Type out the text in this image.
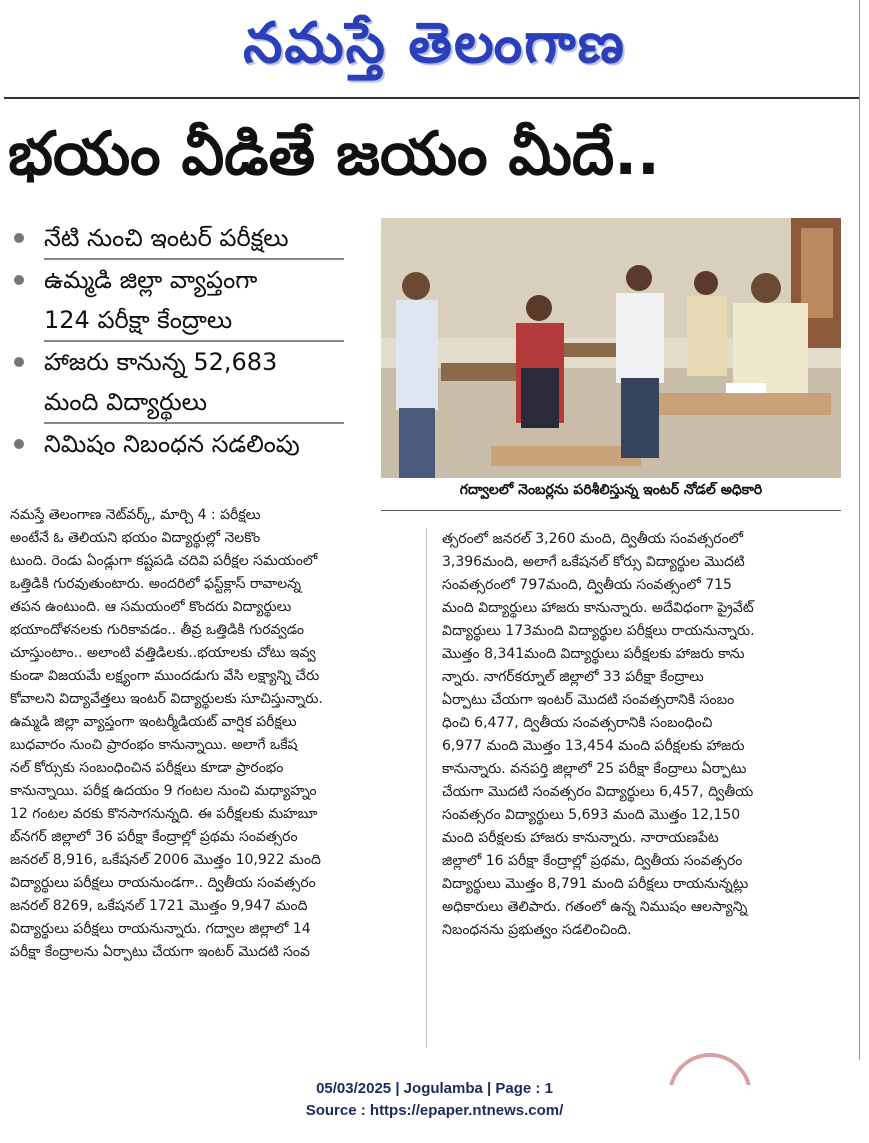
నమస్తే తెలంగాణ
భయం వీడితే జయం మీదే..
నేటి నుంచి ఇంటర్ పరీక్షలు
ఉమ్మడి జిల్లా వ్యాప్తంగా
124 పరీక్షా కేంద్రాలు
హాజరు కానున్న 52,683
మంది విద్యార్థులు
నిమిషం నిబంధన సడలింపు
గద్వాలలో నెంబర్లను పరిశీలిస్తున్న ఇంటర్ నోడల్ అధికారి
నమస్తే తెలంగాణ నెట్‌వర్క్, మార్చి 4 : పరీక్షలు
అంటేనే ఓ తెలియని భయం విద్యార్థుల్లో నెలకొం
టుంది. రెండు ఏండ్లుగా కష్టపడి చదివి పరీక్షల సమయంలో
ఒత్తిడికి గురవుతుంటారు. అందరిలో ఫస్ట్‌క్లాస్ రావాలన్న
తపన ఉంటుంది. ఆ సమయంలో కొందరు విద్యార్థులు
భయాందోళనలకు గురికావడం.. తీవ్ర ఒత్తిడికి గురవ్వడం
చూస్తుంటాం.. అలాంటి వత్తిడిలకు..భయాలకు చోటు ఇవ్వ
కుండా విజయమే లక్ష్యంగా ముందడుగు వేసి లక్ష్యాన్ని చేరు
కోవాలని విద్యావేత్తలు ఇంటర్ విద్యార్థులకు సూచిస్తున్నారు.
ఉమ్మడి జిల్లా వ్యాప్తంగా ఇంటర్మీడియట్ వార్షిక పరీక్షలు
బుధవారం నుంచి ప్రారంభం కానున్నాయి. అలాగే ఒకేష
నల్ కోర్సుకు సంబంధించిన పరీక్షలు కూడా ప్రారంభం
కానున్నాయి. పరీక్ష ఉదయం 9 గంటల నుంచి మధ్యాహ్నం
12 గంటల వరకు కొనసాగనున్నది. ఈ పరీక్షలకు మహబూ
బ్‌నగర్ జిల్లాలో 36 పరీక్షా కేంద్రాల్లో ప్రథమ సంవత్సరం
జనరల్ 8,916, ఒకేషనల్ 2006 మొత్తం 10,922 మంది
విద్యార్థులు పరీక్షలు రాయనుండగా.. ద్వితీయ సంవత్సరం
జనరల్ 8269, ఒకేషనల్ 1721 మొత్తం 9,947 మంది
విద్యార్థులు పరీక్షలు రాయనున్నారు. గద్వాల జిల్లాలో 14
పరీక్షా కేంద్రాలను ఏర్పాటు చేయగా ఇంటర్ మొదటి సంవ
త్సరంలో జనరల్ 3,260 మంది, ద్వితీయ సంవత్సరంలో
3,396మంది, అలాగే ఒకేషనల్ కోర్సు విద్యార్థుల మొదటి
సంవత్సరంలో 797మంది, ద్వితీయ సంవత్సంలో 715
మంది విద్యార్థులు హాజరు కానున్నారు. అదేవిధంగా ప్రైవేట్
విద్యార్థులు 173మంది విద్యార్థుల పరీక్షలు రాయనున్నారు.
మొత్తం 8,341మంది విద్యార్థులు పరీక్షలకు హాజరు కాను
న్నారు. నాగర్‌కర్నూల్ జిల్లాలో 33 పరీక్షా కేంద్రాలు
ఏర్పాటు చేయగా ఇంటర్ మొదటి సంవత్సరానికి సంబం
ధించి 6,477, ద్వితీయ సంవత్సరానికి సంబంధించి
6,977 మంది మొత్తం 13,454 మంది పరీక్షలకు హాజరు
కానున్నారు. వనపర్తి జిల్లాలో 25 పరీక్షా కేంద్రాలు ఏర్పాటు
చేయగా మొదటి సంవత్సరం విద్యార్థులు 6,457, ద్వితీయ
సంవత్సరం విద్యార్థులు 5,693 మంది మొత్తం 12,150
మంది పరీక్షలకు హాజరు కానున్నారు. నారాయణపేట
జిల్లాలో 16 పరీక్షా కేంద్రాల్లో ప్రథమ, ద్వితీయ సంవత్సరం
విద్యార్థులు మొత్తం 8,791 మంది పరీక్షలు రాయనున్నట్లు
అధికారులు తెలిపారు. గతంలో ఉన్న నిముషం ఆలస్యాన్ని
నిబంధనను ప్రభుత్వం సడలించింది.
05/03/2025 | Jogulamba | Page : 1
Source : https://epaper.ntnews.com/
